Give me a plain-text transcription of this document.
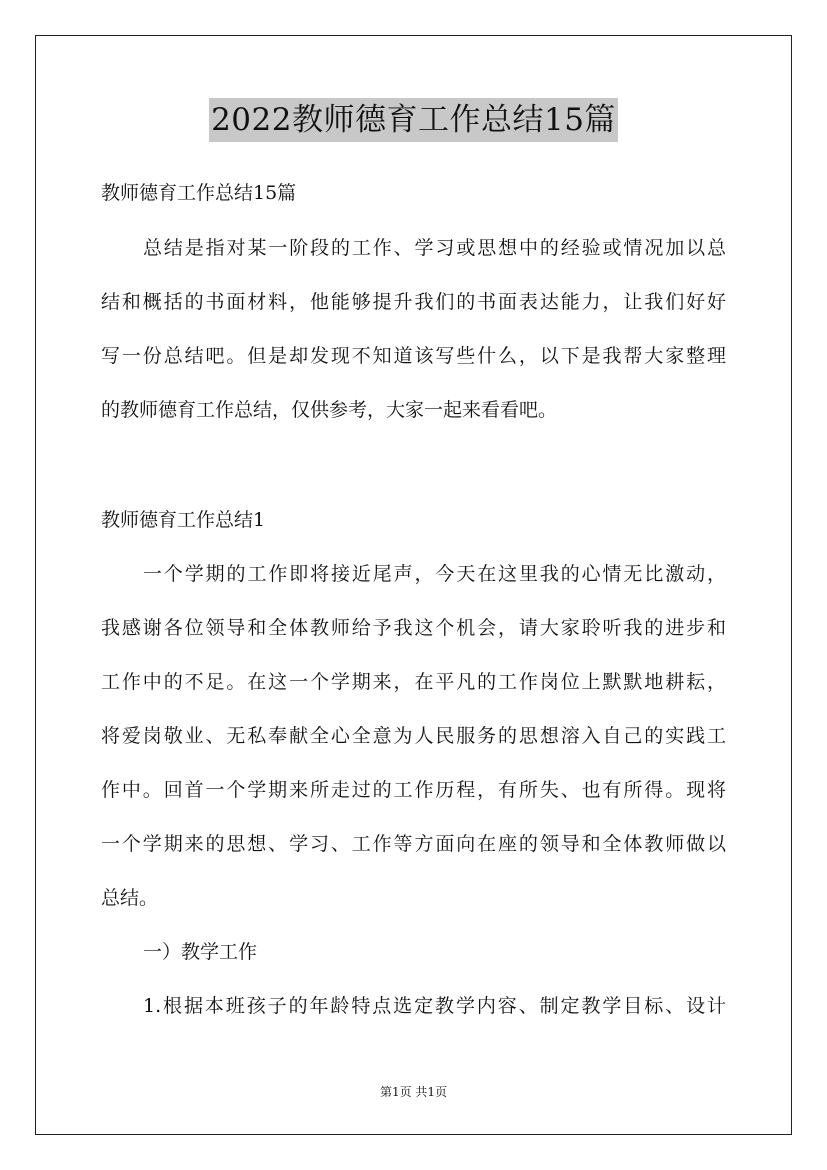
2022教师德育工作总结15篇
教师德育工作总结15篇
总结是指对某一阶段的工作、学习或思想中的经验或情况加以总
结和概括的书面材料，他能够提升我们的书面表达能力，让我们好好
写一份总结吧。但是却发现不知道该写些什么，以下是我帮大家整理
的教师德育工作总结，仅供参考，大家一起来看看吧。
教师德育工作总结1
一个学期的工作即将接近尾声，今天在这里我的心情无比激动，
我感谢各位领导和全体教师给予我这个机会，请大家聆听我的进步和
工作中的不足。在这一个学期来，在平凡的工作岗位上默默地耕耘，
将爱岗敬业、无私奉献全心全意为人民服务的思想溶入自己的实践工
作中。回首一个学期来所走过的工作历程，有所失、也有所得。现将
一个学期来的思想、学习、工作等方面向在座的领导和全体教师做以
总结。
一）教学工作
1.根据本班孩子的年龄特点选定教学内容、制定教学目标、设计
第1页 共1页
